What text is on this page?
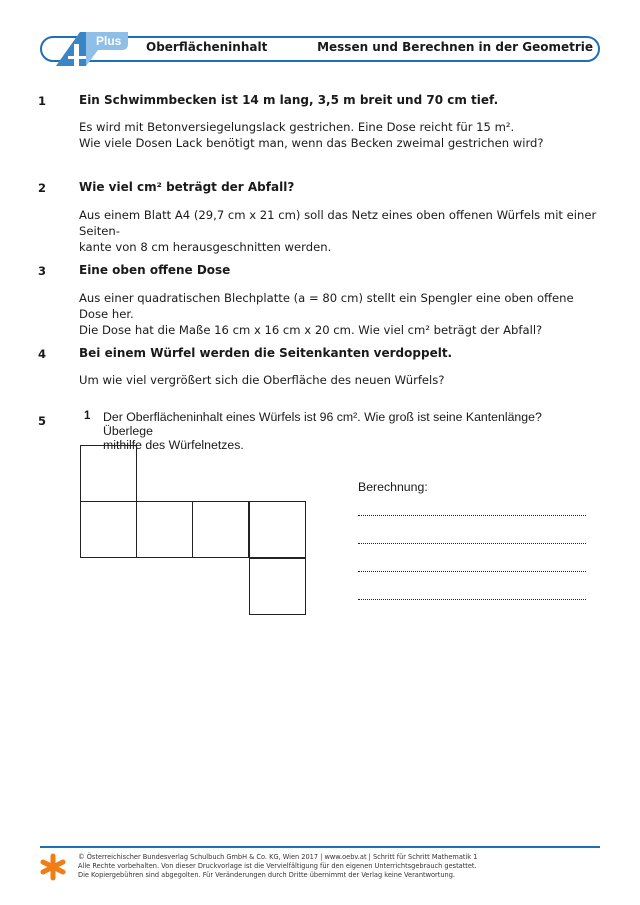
Plus Oberflächeninhalt	Messen und Berechnen in der Geometrie
1	Ein Schwimmbecken ist 14 m lang, 3,5 m breit und 70 cm tief.

Es wird mit Betonversiegelungslack gestrichen. Eine Dose reicht für 15 m².

Wie viele Dosen Lack benötigt man, wenn das Becken zweimal gestrichen wird?

2	Wie viel cm² beträgt der Abfall?

Aus einem Blatt A4 (29,7 cm x 21 cm) soll das Netz eines oben offenen Würfels mit einer Seiten-

kante von 8 cm herausgeschnitten werden.

3	Eine oben offene Dose

Aus einer quadratischen Blechplatte (a = 80 cm) stellt ein Spengler eine oben offene Dose her.

Die Dose hat die Maße 16 cm x 16 cm x 20 cm. Wie viel cm² beträgt der Abfall?

4	Bei einem Würfel werden die Seitenkanten verdoppelt.

Um wie viel vergrößert sich die Oberfläche des neuen Würfels?

5	1 Der Oberflächeninhalt eines Würfels ist 96 cm². Wie groß ist seine Kantenlänge? Überlege
mithilfe des Würfelnetzes.
Berechnung:
© Österreichischer Bundesverlag Schulbuch GmbH & Co. KG, Wien 2017 | www.oebv.at | Schritt für Schritt Mathematik 1
Alle Rechte vorbehalten. Von dieser Druckvorlage ist die Vervielfältigung für den eigenen Unterrichtsgebrauch gestattet.
Die Kopiergebühren sind abgegolten. Für Veränderungen durch Dritte übernimmt der Verlag keine Verantwortung.
